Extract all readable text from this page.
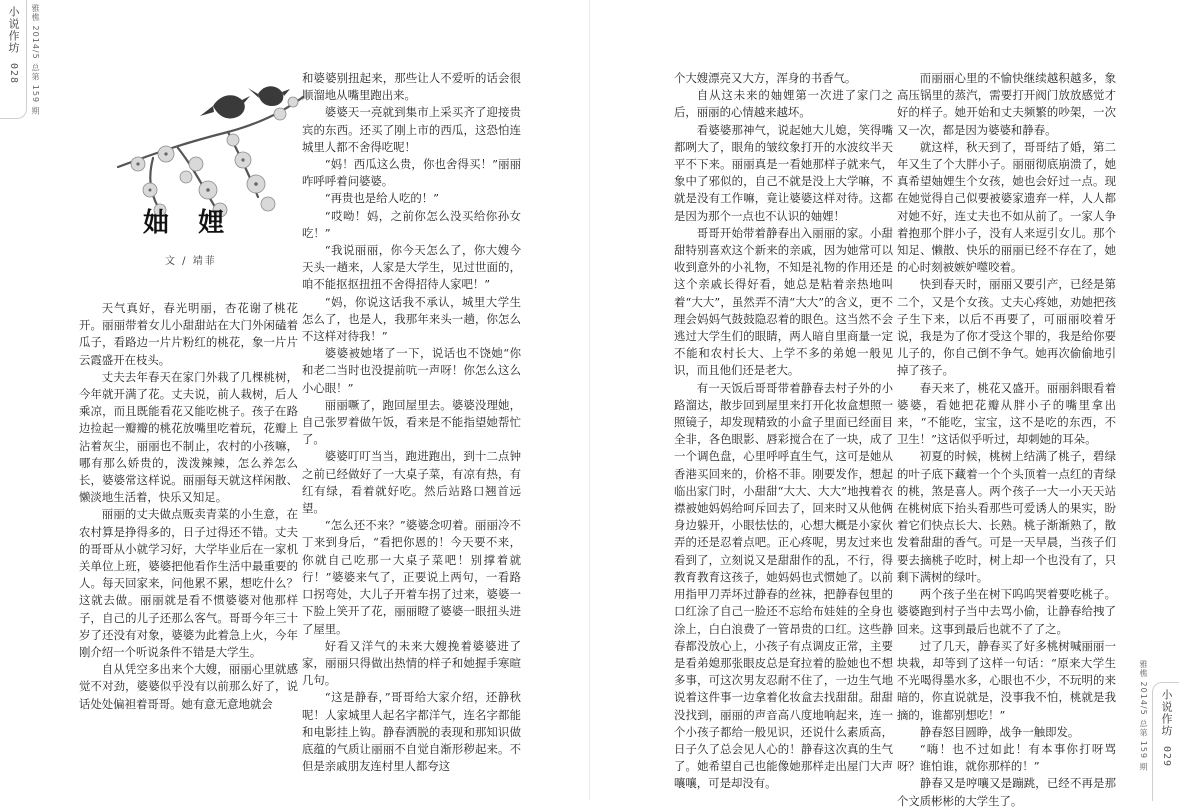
小说作坊 028	雅樵 2014/5 总第 159 期
小说作坊 029
雅樵 2014/5 总第 159 期
妯 娌
文 / 靖菲

天气真好，春光明丽，杏花谢了桃花开。丽丽带着女儿小甜甜站在大门外闲磕着瓜子，看路边一片片粉红的桃花，象一片片云霞盛开在枝头。

丈夫去年春天在家门外栽了几棵桃树，今年就开满了花。丈夫说，前人栽树，后人乘凉，而且既能看花又能吃桃子。孩子在路边捡起一瓣瓣的桃花放嘴里吃着玩，花瓣上沾着灰尘，丽丽也不制止，农村的小孩嘛，哪有那么娇贵的，泼泼辣辣，怎么养怎么长，婆婆常这样说。丽丽每天就这样闲散、懒淡地生活着，快乐又知足。

丽丽的丈夫做点贩卖青菜的小生意，在农村算是挣得多的，日子过得还不错。丈夫的哥哥从小就学习好，大学毕业后在一家机关单位上班，婆婆把他看作生活中最重要的人。每天回家来，问他累不累，想吃什么？这就去做。丽丽就是看不惯婆婆对他那样子，自己的儿子还那么客气。哥哥今年三十岁了还没有对象，婆婆为此着急上火，今年刚介绍一个听说条件不错是大学生。

自从凭空多出来个大嫂，丽丽心里就感觉不对劲，婆婆似乎没有以前那么好了，说话处处偏袒着哥哥。她有意无意地就会

和婆婆别扭起来，那些让人不爱听的话会很顺溜地从嘴里跑出来。

婆婆天一亮就到集市上采买齐了迎接贵宾的东西。还买了刚上市的西瓜，这恐怕连城里人都不舍得吃呢！

“妈！西瓜这么贵，你也舍得买！”丽丽咋呼呼着问婆婆。

“再贵也是给人吃的！”

“哎呦！妈，之前你怎么没买给你孙女吃！”

“我说丽丽，你今天怎么了，你大嫂今天头一趟来，人家是大学生，见过世面的，咱不能抠抠扭扭不舍得招待人家吧！”

“妈，你说这话我不承认，城里大学生怎么了，也是人，我那年来头一趟，你怎么不这样对待我！”

婆婆被她堵了一下，说话也不饶她“你和老二当时也没提前吭一声呀！你怎么这么小心眼！”

丽丽噘了，跑回屋里去。婆婆没理她，自己张罗着做午饭，看来是不能指望她帮忙了。

婆婆叮叮当当，跑进跑出，到十二点钟之前已经做好了一大桌子菜，有凉有热，有红有绿，看着就好吃。然后站路口翘首远望。

“怎么还不来？”婆婆念叨着。丽丽冷不丁来到身后，“看把你恩的！今天要不来，你就自己吃那一大桌子菜吧！别撑着就行！”婆婆来气了，正要说上两句，一看路口拐弯处，大儿子开着车拐了过来，婆婆一下脸上笑开了花，丽丽瞪了婆婆一眼扭头进了屋里。

好看又洋气的未来大嫂挽着婆婆进了家，丽丽只得做出热情的样子和她握手寒暄几句。

“这是静春，”哥哥给大家介绍，还静秋呢！人家城里人起名字都洋气，连名字都能和电影挂上钩。静春洒脱的表现和那知识做底蕴的气质让丽丽不自觉自渐形秽起来。不但是亲戚朋友连村里人都夸这

个大嫂漂亮又大方，浑身的书香气。

自从这未来的妯娌第一次进了家门之后，丽丽的心情越来越坏。

看婆婆那神气，说起她大儿媳，笑得嘴都咧大了，眼角的皱纹象打开的水波纹半天平不下来。丽丽真是一看她那样子就来气，象中了邪似的，自己不就是没上大学嘛，不就是没有工作嘛，竟让婆婆这样对待。这都是因为那个一点也不认识的妯娌！

哥哥开始带着静春出入丽丽的家。小甜甜特别喜欢这个新来的亲戚，因为她常可以收到意外的小礼物，不知是礼物的作用还是这个亲戚长得好看，她总是粘着亲热地叫着“大大”，虽然弄不清“大大”的含义，更不理会妈妈气鼓鼓隐忍着的眼色。这当然不会逃过大学生们的眼睛，两人暗自里商量一定不能和农村长大、上学不多的弟媳一般见识，而且他们还是老大。

有一天饭后哥哥带着静春去村子外的小路溜达，散步回到屋里来打开化妆盒想照一照镜子，却发现精致的小盒子里面已经面目全非，各色眼影、唇彩搅合在了一块，成了一个调色盘，心里呼呼直生气，这可是她从香港买回来的，价格不菲。刚要发作，想起临出家门时，小甜甜“大大、大大”地拽着衣襟被她妈妈给呵斥回去了，回来时又从他俩身边躲开，小眼怯怯的，心想大概是小家伙弄的还是忍着点吧。正心疼呢，男友过来也看到了，立刻说又是甜甜作的乱，不行，得教育教育这孩子，她妈妈也式惯她了。以前用指甲刀弄坏过静春的丝袜，把静春包里的口红涂了自己一脸还不忘给布娃娃的全身也涂上，白白浪费了一管昂贵的口红。这些静春都没放心上，小孩子有点调皮正常，主要是看弟媳那张眼皮总是耷拉着的脸她也不想多事，可这次男友忍耐不住了，一边生气地说着这件事一边拿着化妆盒去找甜甜。甜甜没找到，丽丽的声音高八度地响起来，连一个小孩子都给一般见识，还说什么素质高，日子久了总会见人心的！静春这次真的生气了。她希望自己也能像她那样走出屋门大声嚷嚷，可是却没有。

而丽丽心里的不愉快继续越积越多，象高压锅里的蒸汽，需要打开阀门放放感觉才好的样子。她开始和丈夫频繁的吵架，一次又一次，都是因为婆婆和静春。

就这样，秋天到了，哥哥结了婚，第二年又生了个大胖小子。丽丽彻底崩溃了，她真希望妯娌生个女孩，她也会好过一点。现在她觉得自己似要被婆家遗弃一样，人人都对她不好，连丈夫也不如从前了。一家人争着抱那个胖小子，没有人来逗引女儿。那个知足、懒散、快乐的丽丽已经不存在了，她的心时刻被嫉妒噬咬着。

快到春天时，丽丽又要引产，已经是第二个，又是个女孩。丈夫心疼她，劝她把孩子生下来，以后不再要了，可丽丽咬着牙说，我是为了你才受这个罪的，我是给你要儿子的，你自己倒不争气。她再次偷偷地引掉了孩子。

春天来了，桃花又盛开。丽丽斜眼看着婆婆，看她把花瓣从胖小子的嘴里拿出来，“不能吃，宝宝，这不是吃的东西，不卫生！”这话似乎听过，却刺她的耳朵。

初夏的时候，桃树上结满了桃子，碧绿的叶子底下藏着一个个头顶着一点红的青绿的桃，煞是喜人。两个孩子一大一小天天站在桃树底下抬头看那些可爱诱人的果实，盼着它们快点长大、长熟。桃子渐渐熟了，散发着甜甜的香气。可是一天早晨，当孩子们要去摘桃子吃时，树上却一个也没有了，只剩下满树的绿叶。

两个孩子坐在树下呜呜哭着要吃桃子。婆婆跑到村子当中去骂小偷，让静春给拽了回来。这事到最后也就不了了之。

过了几天，静春买了好多桃树喊丽丽一块栽，却等到了这样一句话：“原来大学生不光喝得墨水多，心眼也不少，不玩明的来暗的，你直说就是，没事我不怕，桃就是我摘的，谁都别想吃！”

静春怒目圆睁，战争一触即发。

“嗨！也不过如此！有本事你打呀骂呀？谁怕谁，就你那样的！”

静春又是哼嚷又是蹦跳，已经不再是那个文质彬彬的大学生了。
